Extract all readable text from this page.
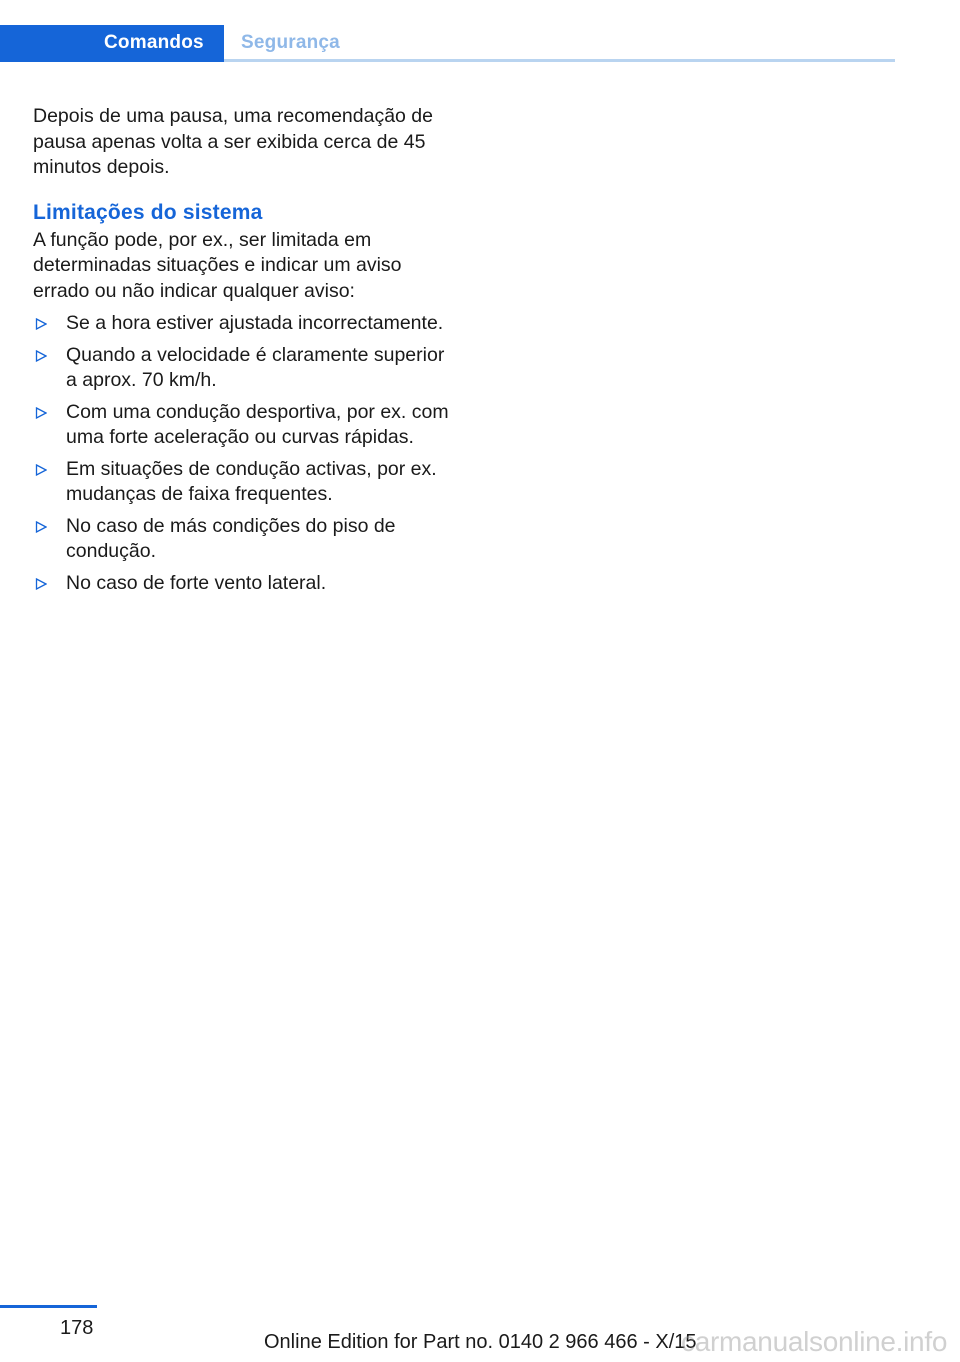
Comandos Segurança

Depois de uma pausa, uma recomendação de pausa apenas volta a ser exibida cerca de 45 minutos depois.

Limitações do sistema

A função pode, por ex., ser limitada em determinadas situações e indicar um aviso errado ou não indicar qualquer aviso:

Se a hora estiver ajustada incorrectamente.
Quando a velocidade é claramente superior a aprox. 70 km/h.
Com uma condução desportiva, por ex. com uma forte aceleração ou curvas rápidas.
Em situações de condução activas, por ex. mudanças de faixa frequentes.
No caso de más condições do piso de condução.
No caso de forte vento lateral.
178
Online Edition for Part no. 0140 2 966 466 - X/15
carmanualsonline.info
